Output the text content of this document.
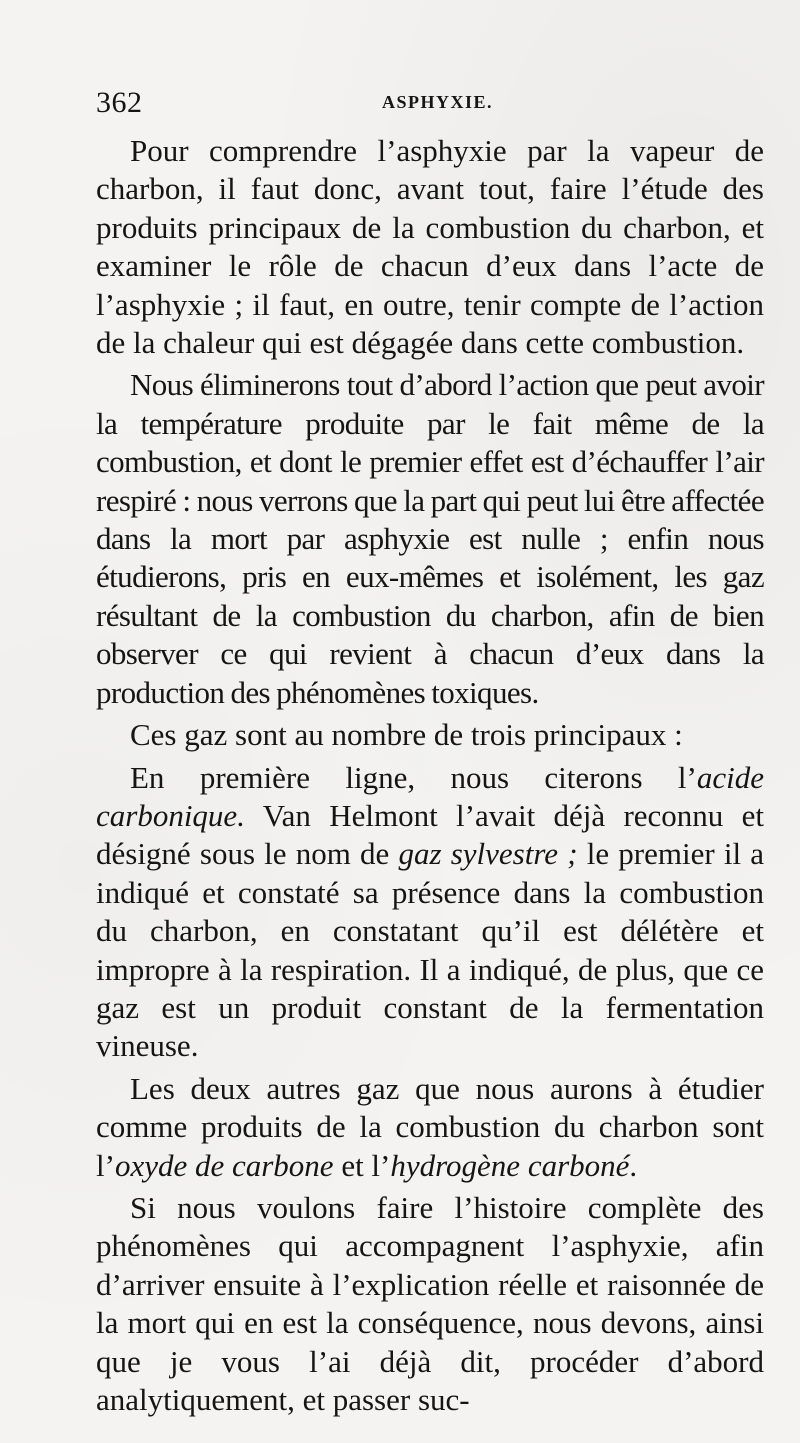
362	ASPHYXIE.

Pour comprendre l’asphyxie par la vapeur de charbon, il faut donc, avant tout, faire l’étude des produits principaux de la combustion du charbon, et examiner le rôle de chacun d’eux dans l’acte de l’asphyxie ; il faut, en outre, tenir compte de l’action de la chaleur qui est dégagée dans cette combustion.

Nous éliminerons tout d’abord l’action que peut avoir la température produite par le fait même de la combustion, et dont le premier effet est d’échauffer l’air respiré : nous verrons que la part qui peut lui être affectée dans la mort par asphyxie est nulle ; enfin nous étudierons, pris en eux-mêmes et isolément, les gaz résultant de la combustion du charbon, afin de bien observer ce qui revient à chacun d’eux dans la production des phénomènes toxiques.

Ces gaz sont au nombre de trois principaux :

En première ligne, nous citerons l’acide carbonique. Van Helmont l’avait déjà reconnu et désigné sous le nom de gaz sylvestre ; le premier il a indiqué et constaté sa présence dans la combustion du charbon, en constatant qu’il est délétère et impropre à la respiration. Il a indiqué, de plus, que ce gaz est un produit constant de la fermentation vineuse.

Les deux autres gaz que nous aurons à étudier comme produits de la combustion du charbon sont l’oxyde de carbone et l’hydrogène carboné.

Si nous voulons faire l’histoire complète des phénomènes qui accompagnent l’asphyxie, afin d’arriver ensuite à l’explication réelle et raisonnée de la mort qui en est la conséquence, nous devons, ainsi que je vous l’ai déjà dit, procéder d’abord analytiquement, et passer suc-
